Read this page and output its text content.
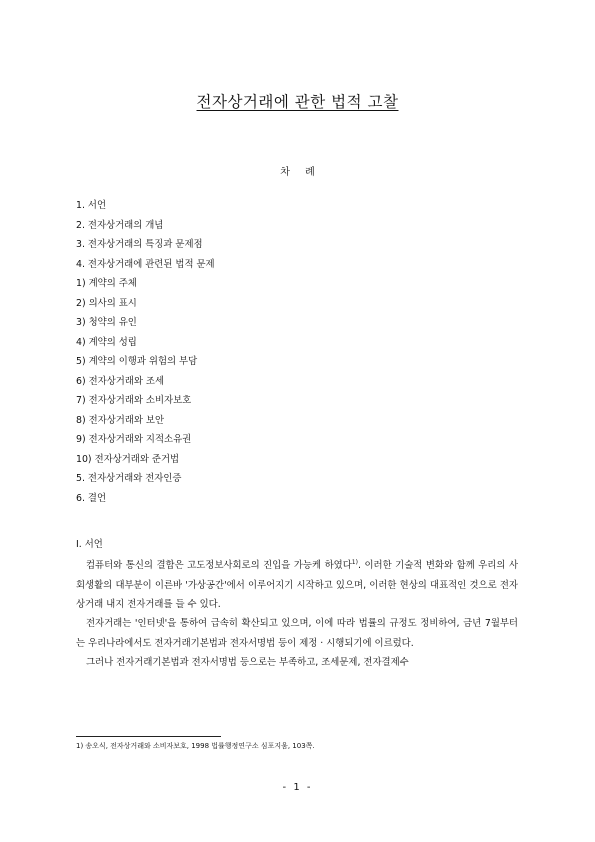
전자상거래에 관한 법적 고찰
차 례
1. 서언
2. 전자상거래의 개념
3. 전자상거래의 특징과 문제점
4. 전자상거래에 관련된 법적 문제
1) 계약의 주체
2) 의사의 표시
3) 청약의 유인
4) 계약의 성립
5) 계약의 이행과 위험의 부담
6) 전자상거래와 조세
7) 전자상거래와 소비자보호
8) 전자상거래와 보안
9) 전자상거래와 지적소유권
10) 전자상거래와 준거법
5. 전자상거래와 전자인증
6. 결언
Ⅰ. 서언

컴퓨터와 통신의 결합은 고도정보사회로의 진입을 가능케 하였다$^{1)}$. 이러한 기술적 변화와 함께 우리의 사회생활의 대부분이 이른바 '가상공간'에서 이루어지기 시작하고 있으며, 이러한 현상의 대표적인 것으로 전자상거래 내지 전자거래를 들 수 있다.

전자거래는 '인터넷'을 통하여 급속히 확산되고 있으며, 이에 따라 법률의 규정도 정비하여, 금년 7월부터는 우리나라에서도 전자거래기본법과 전자서명법 등이 제정 · 시행되기에 이르렀다.

그러나 전자거래기본법과 전자서명법 등으로는 부족하고, 조세문제, 전자결제수

1) 송오식, 전자상거래와 소비자보호, 1998 법률행정연구소 심포지움, 103쪽.
- 1 -
